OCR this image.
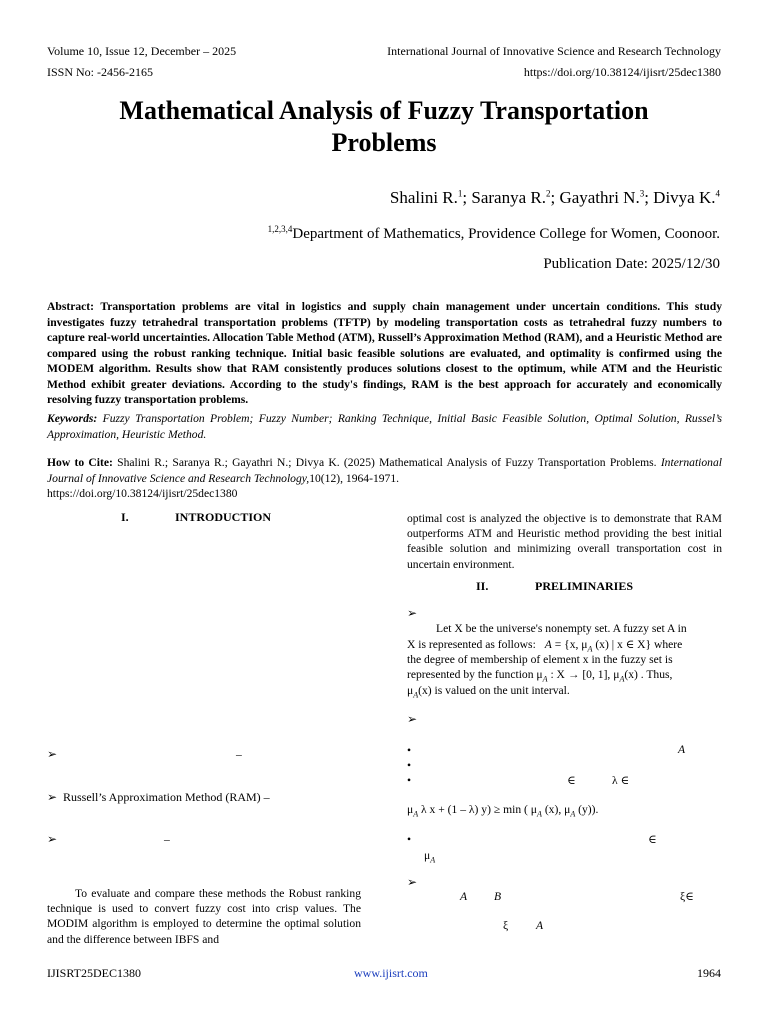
Volume 10, Issue 12, December – 2025	International Journal of Innovative Science and Research Technology
ISSN No: -2456-2165	https://doi.org/10.38124/ijisrt/25dec1380
Mathematical Analysis of Fuzzy Transportation
Problems
Shalini R.$^1$; Saranya R.$^2$; Gayathri N.$^3$; Divya K.$^4$
$^{1,2,3,4}$Department of Mathematics, Providence College for Women, Coonoor.
Publication Date: 2025/12/30
Abstract: Transportation problems are vital in logistics and supply chain management under uncertain conditions. This study investigates fuzzy tetrahedral transportation problems (TFTP) by modeling transportation costs as tetrahedral fuzzy numbers to capture real-world uncertainties. Allocation Table Method (ATM), Russell’s Approximation Method (RAM), and a Heuristic Method are compared using the robust ranking technique. Initial basic feasible solutions are evaluated, and optimality is confirmed using the MODEM algorithm. Results show that RAM consistently produces solutions closest to the optimum, while ATM and the Heuristic Method exhibit greater deviations. According to the study's findings, RAM is the best approach for accurately and economically resolving fuzzy transportation problems.
Keywords: Fuzzy Transportation Problem; Fuzzy Number; Ranking Technique, Initial Basic Feasible Solution, Optimal Solution, Russel’s Approximation, Heuristic Method.
How to Cite: Shalini R.; Saranya R.; Gayathri N.; Divya K. (2025) Mathematical Analysis of Fuzzy Transportation Problems. International Journal of Innovative Science and Research Technology,10(12), 1964-1971.
https://doi.org/10.38124/ijisrt/25dec1380
I.	INTRODUCTION
➢	–
➢ Russell’s Approximation Method (RAM) –
➢	–
To evaluate and compare these methods the Robust ranking technique is used to convert fuzzy cost into crisp values. The MODIM algorithm is employed to determine the optimal solution and the difference between IBFS and
optimal cost is analyzed the objective is to demonstrate that RAM outperforms ATM and Heuristic method providing the best initial feasible solution and minimizing overall transportation cost in uncertain environment.
II.	PRELIMINARIES
➢
Let X be the universe's nonempty set. A fuzzy set A in
X is represented as follows: A = {x, $\mu_A$ (x) | x ∈ X} where
the degree of membership of element x in the fuzzy set is
represented by the function $\mu_A$ : X → [0, 1], $\mu_A(x)$ . Thus,
$\mu_A(x)$ is valued on the unit interval.
➢
•	A
•
•	∈	λ ∈
$\mu_A$ λ x + (1 – λ) y) ≥ min ( $\mu_A$ (x), $\mu_A$ (y)).
•	∈
$\mu_A$
➢
A B	ξ∈
ξ A
IJISRT25DEC1380	www.ijisrt.com	1964
